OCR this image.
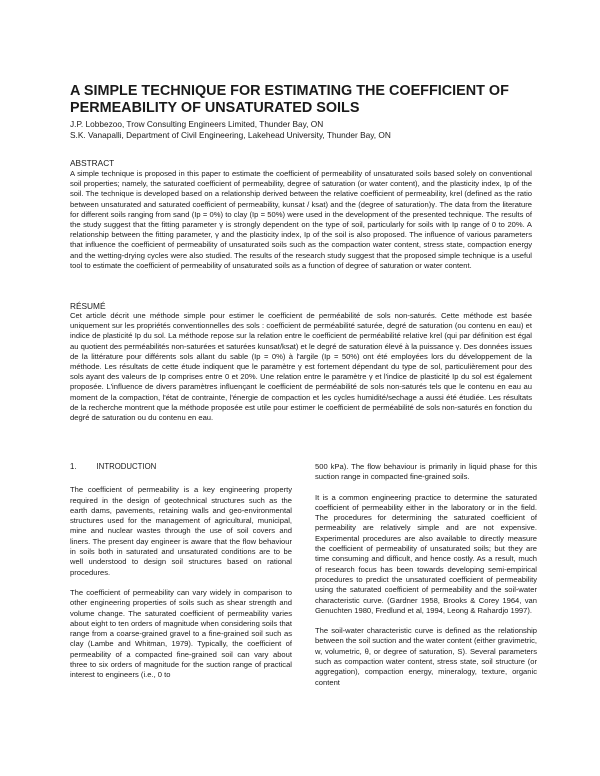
A SIMPLE TECHNIQUE FOR ESTIMATING THE COEFFICIENT OF PERMEABILITY OF UNSATURATED SOILS
J.P. Lobbezoo, Trow Consulting Engineers Limited, Thunder Bay, ON
S.K. Vanapalli, Department of Civil Engineering, Lakehead University, Thunder Bay, ON
ABSTRACT
A simple technique is proposed in this paper to estimate the coefficient of permeability of unsaturated soils based solely on conventional soil properties; namely, the saturated coefficient of permeability, degree of saturation (or water content), and the plasticity index, Ip of the soil. The technique is developed based on a relationship derived between the relative coefficient of permeability, krel (defined as the ratio between unsaturated and saturated coefficient of permeability, kunsat / ksat) and the (degree of saturation)γ. The data from the literature for different soils ranging from sand (Ip = 0%) to clay (Ip = 50%) were used in the development of the presented technique. The results of the study suggest that the fitting parameter γ is strongly dependent on the type of soil, particularly for soils with Ip range of 0 to 20%. A relationship between the fitting parameter, γ and the plasticity index, Ip of the soil is also proposed. The influence of various parameters that influence the coefficient of permeability of unsaturated soils such as the compaction water content, stress state, compaction energy and the wetting-drying cycles were also studied. The results of the research study suggest that the proposed simple technique is a useful tool to estimate the coefficient of permeability of unsaturated soils as a function of degree of saturation or water content.
RÉSUMÉ
Cet article décrit une méthode simple pour estimer le coefficient de perméabilité de sols non-saturés. Cette méthode est basée uniquement sur les propriétés conventionnelles des sols : coefficient de perméabilité saturée, degré de saturation (ou contenu en eau) et indice de plasticité Ip du sol. La méthode repose sur la relation entre le coefficient de perméabilité relative krel (qui par définition est égal au quotient des perméabilités non-saturées et saturées kunsat/ksat) et le degré de saturation élevé à la puissance γ. Des données issues de la littérature pour différents sols allant du sable (Ip = 0%) à l'argile (Ip = 50%) ont été employées lors du développement de la méthode. Les résultats de cette étude indiquent que le paramètre γ est fortement dépendant du type de sol, particulièrement pour des sols ayant des valeurs de Ip comprises entre 0 et 20%. Une relation entre le paramètre γ et l'indice de plasticité Ip du sol est également proposée. L'influence de divers paramètres influençant le coefficient de perméabilité de sols non-saturés tels que le contenu en eau au moment de la compaction, l'état de contrainte, l'énergie de compaction et les cycles humidité/sechage a aussi été étudiée. Les résultats de la recherche montrent que la méthode proposée est utile pour estimer le coefficient de perméabilité de sols non-saturés en fonction du degré de saturation ou du contenu en eau.
1.	INTRODUCTION

The coefficient of permeability is a key engineering property required in the design of geotechnical structures such as the earth dams, pavements, retaining walls and geo-environmental structures used for the management of agricultural, municipal, mine and nuclear wastes through the use of soil covers and liners. The present day engineer is aware that the flow behaviour in soils both in saturated and unsaturated conditions are to be well understood to design soil structures based on rational procedures.

The coefficient of permeability can vary widely in comparison to other engineering properties of soils such as shear strength and volume change. The saturated coefficient of permeability varies about eight to ten orders of magnitude when considering soils that range from a coarse-grained gravel to a fine-grained soil such as clay (Lambe and Whitman, 1979). Typically, the coefficient of permeability of a compacted fine-grained soil can vary about three to six orders of magnitude for the suction range of practical interest to engineers (i.e., 0 to

500 kPa). The flow behaviour is primarily in liquid phase for this suction range in compacted fine-grained soils.

It is a common engineering practice to determine the saturated coefficient of permeability either in the laboratory or in the field. The procedures for determining the saturated coefficient of permeability are relatively simple and are not expensive. Experimental procedures are also available to directly measure the coefficient of permeability of unsaturated soils; but they are time consuming and difficult, and hence costly. As a result, much of research focus has been towards developing semi-empirical procedures to predict the unsaturated coefficient of permeability using the saturated coefficient of permeability and the soil-water characteristic curve. (Gardner 1958, Brooks & Corey 1964, van Genuchten 1980, Fredlund et al, 1994, Leong & Rahardjo 1997).

The soil-water characteristic curve is defined as the relationship between the soil suction and the water content (either gravimetric, w, volumetric, θ, or degree of saturation, S). Several parameters such as compaction water content, stress state, soil structure (or aggregation), compaction energy, mineralogy, texture, organic content
